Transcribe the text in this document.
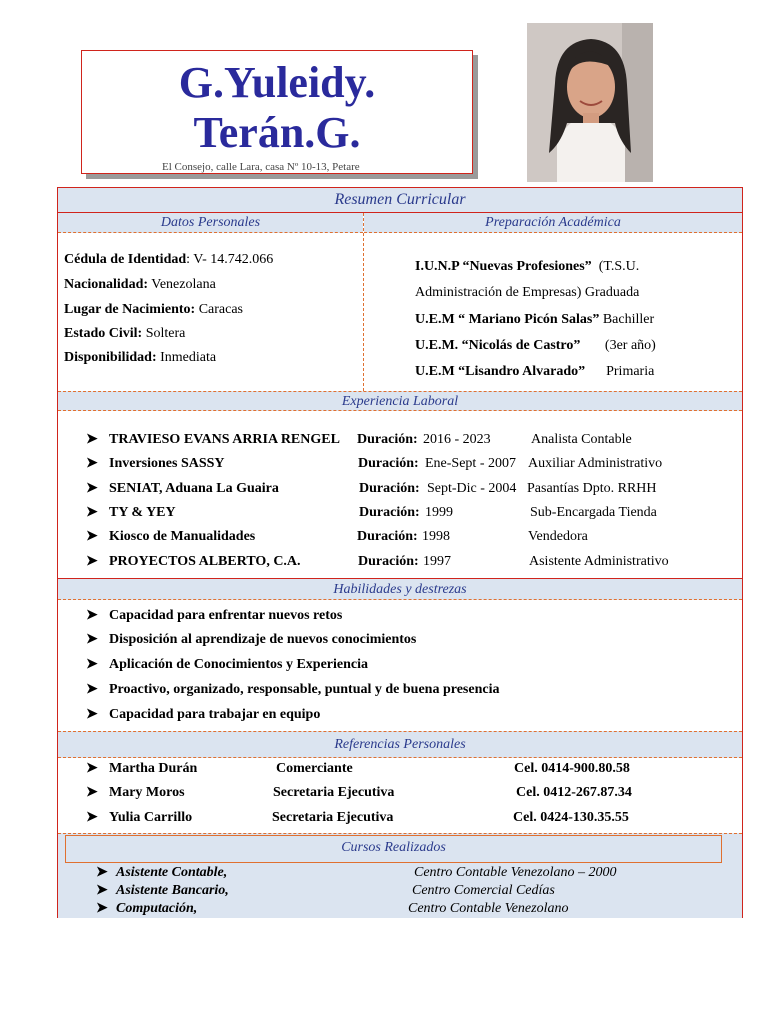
G.Yuleidy.
Terán.G.
El Consejo, calle Lara, casa Nº 10-13, Petare
Resumen Curricular
Datos Personales	Preparación Académica
Cédula de Identidad: V- 14.742.066
Nacionalidad: Venezolana
Lugar de Nacimiento: Caracas
Estado Civil: Soltera
Disponibilidad: Inmediata
I.U.N.P “Nuevas Profesiones” (T.S.U.
Administración de Empresas) Graduada
U.E.M “ Mariano Picón Salas” Bachiller
U.E.M. “Nicolás de Castro” (3er año)
U.E.M “Lisandro Alvarado” Primaria
Experiencia Laboral
➤ TRAVIESO EVANS ARRIA RENGEL Duración: 2016 - 2023	Analista Contable
➤ Inversiones SASSY	Duración: Ene-Sept - 2007 Auxiliar Administrativo
➤ SENIAT, Aduana La Guaira	Duración: Sept-Dic - 2004 Pasantías Dpto. RRHH
➤ TY & YEY	Duración: 1999	Sub-Encargada Tienda
➤ Kiosco de Manualidades	Duración: 1998	Vendedora
➤ PROYECTOS ALBERTO, C.A.	Duración: 1997	Asistente Administrativo
Habilidades y destrezas
➤ Capacidad para enfrentar nuevos retos
➤ Disposición al aprendizaje de nuevos conocimientos
➤ Aplicación de Conocimientos y Experiencia
➤ Proactivo, organizado, responsable, puntual y de buena presencia
➤ Capacidad para trabajar en equipo
Referencias Personales
➤ Martha Durán	Comerciante	Cel. 0414-900.80.58
➤ Mary Moros	Secretaria Ejecutiva	Cel. 0412-267.87.34
➤ Yulia Carrillo	Secretaria Ejecutiva	Cel. 0424-130.35.55
Cursos Realizados
➤ Asistente Contable,	Centro Contable Venezolano – 2000
➤ Asistente Bancario,	Centro Comercial Cedías
➤ Computación,	Centro Contable Venezolano
